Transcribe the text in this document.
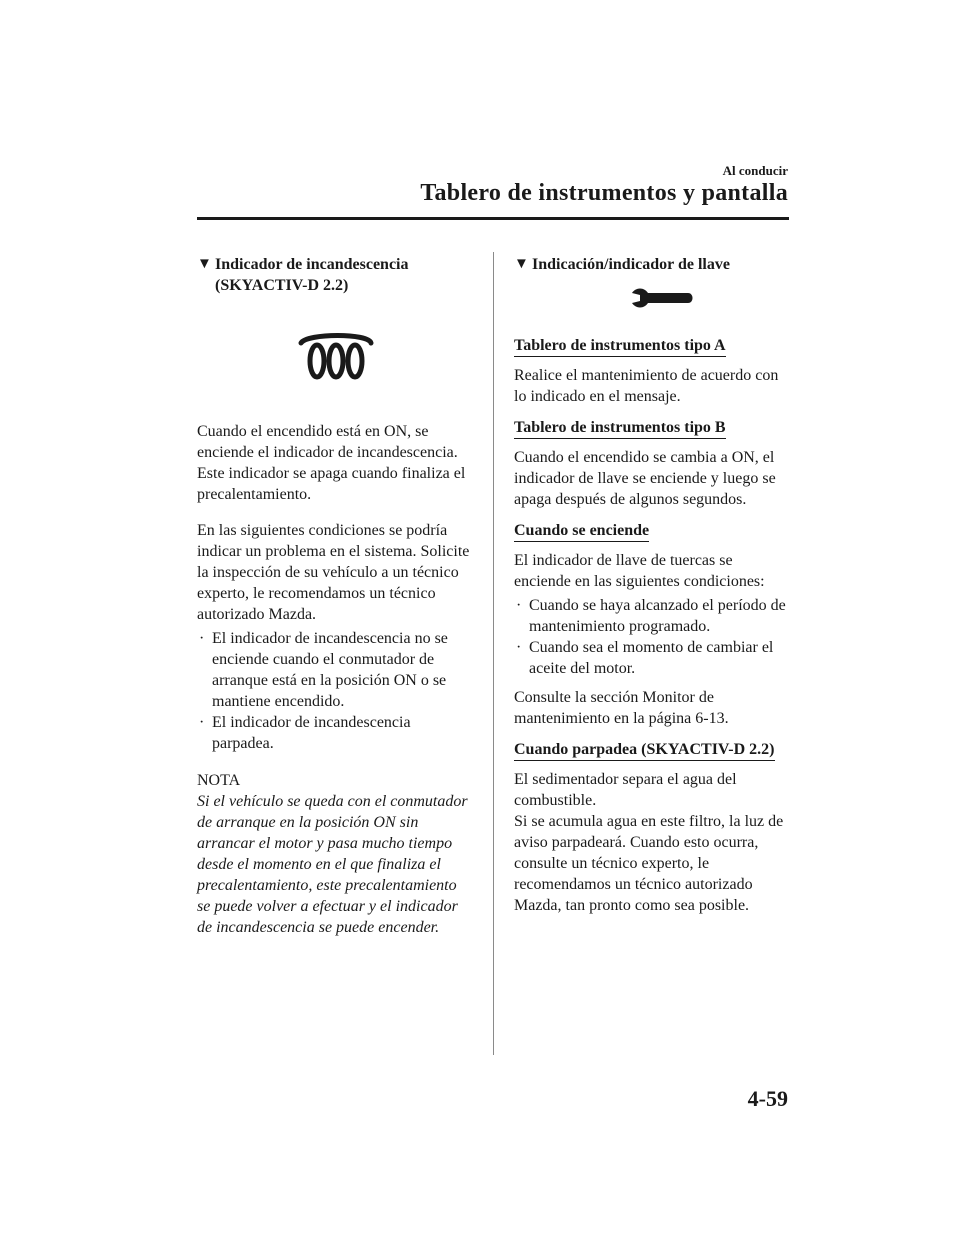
Al conducir
Tablero de instrumentos y pantalla
▼ Indicador de incandescencia
(SKYACTIV-D 2.2)

Cuando el encendido está en ON, se enciende el indicador de incandescencia. Este indicador se apaga cuando finaliza el precalentamiento.

En las siguientes condiciones se podría indicar un problema en el sistema. Solicite la inspección de su vehículo a un técnico experto, le recomendamos un técnico autorizado Mazda.

· El indicador de incandescencia no se enciende cuando el conmutador de arranque está en la posición ON o se mantiene encendido.
· El indicador de incandescencia parpadea.

NOTA

Si el vehículo se queda con el conmutador de arranque en la posición ON sin arrancar el motor y pasa mucho tiempo desde el momento en el que finaliza el precalentamiento, este precalentamiento se puede volver a efectuar y el indicador de incandescencia se puede encender.

▼ Indicación/indicador de llave
Tablero de instrumentos tipo A

Realice el mantenimiento de acuerdo con lo indicado en el mensaje.

Tablero de instrumentos tipo B

Cuando el encendido se cambia a ON, el indicador de llave se enciende y luego se apaga después de algunos segundos.

Cuando se enciende

El indicador de llave de tuercas se enciende en las siguientes condiciones:

· Cuando se haya alcanzado el período de mantenimiento programado.
· Cuando sea el momento de cambiar el aceite del motor.

Consulte la sección Monitor de mantenimiento en la página 6-13.

Cuando parpadea (SKYACTIV-D 2.2)

El sedimentador separa el agua del combustible.

Si se acumula agua en este filtro, la luz de aviso parpadeará. Cuando esto ocurra, consulte un técnico experto, le recomendamos un técnico autorizado Mazda, tan pronto como sea posible.

4-59
